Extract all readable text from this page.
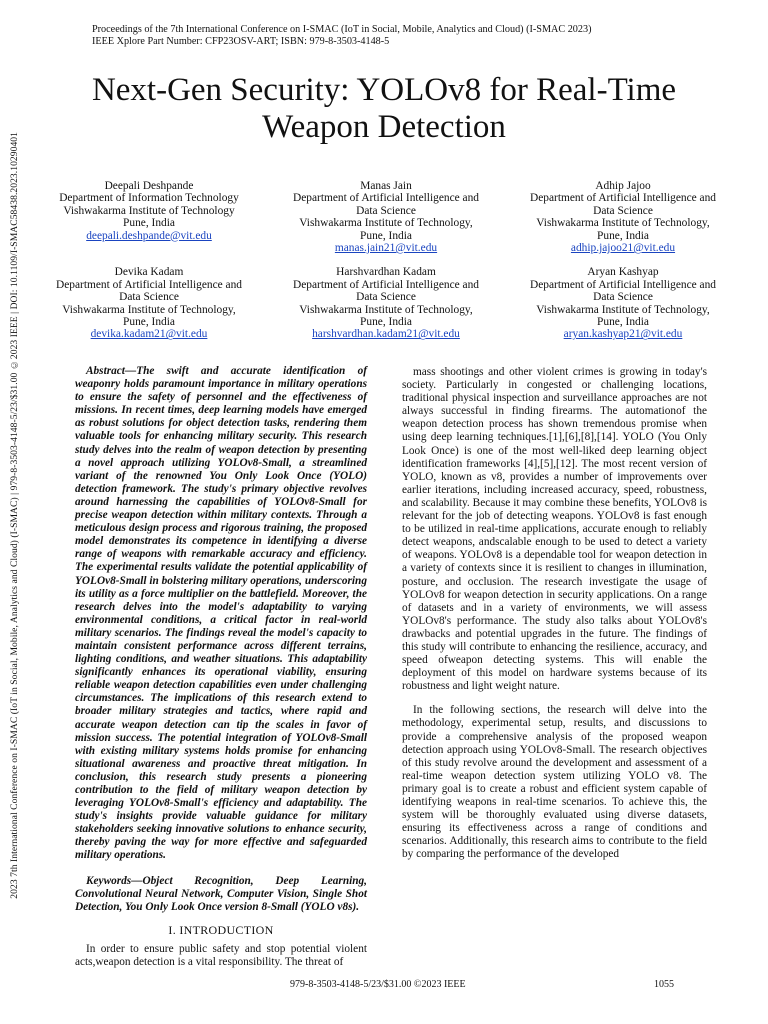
Proceedings of the 7th International Conference on I-SMAC (IoT in Social, Mobile, Analytics and Cloud) (I-SMAC 2023)
IEEE Xplore Part Number: CFP23OSV-ART; ISBN: 979-8-3503-4148-5
2023 7th International Conference on I-SMAC (IoT in Social, Mobile, Analytics and Cloud) (I-SMAC) | 979-8-3503-4148-5/23/$31.00 ©2023 IEEE | DOI: 10.1109/I-SMAC58438.2023.10290401
Next-Gen Security: YOLOv8 for Real-Time Weapon Detection
Deepali Deshpande
Department of Information Technology
Vishwakarma Institute of Technology
Pune, India
deepali.deshpande@vit.edu
Manas Jain
Department of Artificial Intelligence and Data Science
Vishwakarma Institute of Technology,
Pune, India
manas.jain21@vit.edu
Adhip Jajoo
Department of Artificial Intelligence and Data Science
Vishwakarma Institute of Technology,
Pune, India
adhip.jajoo21@vit.edu
Devika Kadam
Department of Artificial Intelligence and Data Science
Vishwakarma Institute of Technology,
Pune, India
devika.kadam21@vit.edu
Harshvardhan Kadam
Department of Artificial Intelligence and Data Science
Vishwakarma Institute of Technology,
Pune, India
harshvardhan.kadam21@vit.edu
Aryan Kashyap
Department of Artificial Intelligence and Data Science
Vishwakarma Institute of Technology,
Pune, India
aryan.kashyap21@vit.edu

Abstract—The swift and accurate identification of weaponry holds paramount importance in military operations to ensure the safety of personnel and the effectiveness of missions. In recent times, deep learning models have emerged as robust solutions for object detection tasks, rendering them valuable tools for enhancing military security. This research study delves into the realm of weapon detection by presenting a novel approach utilizing YOLOv8-Small, a streamlined variant of the renowned You Only Look Once (YOLO) detection framework. The study's primary objective revolves around harnessing the capabilities of YOLOv8-Small for precise weapon detection within military contexts. Through a meticulous design process and rigorous training, the proposed model demonstrates its competence in identifying a diverse range of weapons with remarkable accuracy and efficiency. The experimental results validate the potential applicability of YOLOv8-Small in bolstering military operations, underscoring its utility as a force multiplier on the battlefield. Moreover, the research delves into the model's adaptability to varying environmental conditions, a critical factor in real-world military scenarios. The findings reveal the model's capacity to maintain consistent performance across different terrains, lighting conditions, and weather situations. This adaptability significantly enhances its operational viability, ensuring reliable weapon detection capabilities even under challenging circumstances. The implications of this research extend to broader military strategies and tactics, where rapid and accurate weapon detection can tip the scales in favor of mission success. The potential integration of YOLOv8-Small with existing military systems holds promise for enhancing situational awareness and proactive threat mitigation. In conclusion, this research study presents a pioneering contribution to the field of military weapon detection by leveraging YOLOv8-Small's efficiency and adaptability. The study's insights provide valuable guidance for military stakeholders seeking innovative solutions to enhance security, thereby paving the way for more effective and safeguarded military operations.

Keywords—Object Recognition, Deep Learning, Convolutional Neural Network, Computer Vision, Single Shot Detection, You Only Look Once version 8-Small (YOLO v8s).

I. INTRODUCTION

In order to ensure public safety and stop potential violent acts,weapon detection is a vital responsibility. The threat of

mass shootings and other violent crimes is growing in today's society. Particularly in congested or challenging locations, traditional physical inspection and surveillance approaches are not always successful in finding firearms. The automationof the weapon detection process has shown tremendous promise when using deep learning techniques.[1],[6],[8],[14]. YOLO (You Only Look Once) is one of the most well-liked deep learning object identification frameworks [4],[5],[12]. The most recent version of YOLO, known as v8, provides a number of improvements over earlier iterations, including increased accuracy, speed, robustness, and scalability. Because it may combine these benefits, YOLOv8 is relevant for the job of detecting weapons. YOLOv8 is fast enough to be utilized in real-time applications, accurate enough to reliably detect weapons, andscalable enough to be used to detect a variety of weapons. YOLOv8 is a dependable tool for weapon detection in a variety of contexts since it is resilient to changes in illumination, posture, and occlusion. The research investigate the usage of YOLOv8 for weapon detection in security applications. On a range of datasets and in a variety of environments, we will assess YOLOv8's performance. The study also talks about YOLOv8's drawbacks and potential upgrades in the future. The findings of this study will contribute to enhancing the resilience, accuracy, and speed ofweapon detecting systems. This will enable the deployment of this model on hardware systems because of its robustness and light weight nature.

In the following sections, the research will delve into the methodology, experimental setup, results, and discussions to provide a comprehensive analysis of the proposed weapon detection approach using YOLOv8-Small. The research objectives of this study revolve around the development and assessment of a real-time weapon detection system utilizing YOLO v8. The primary goal is to create a robust and efficient system capable of identifying weapons in real-time scenarios. To achieve this, the system will be thoroughly evaluated using diverse datasets, ensuring its effectiveness across a range of conditions and scenarios. Additionally, this research aims to contribute to the field by comparing the performance of the developed

979-8-3503-4148-5/23/$31.00 ©2023 IEEE	1055
